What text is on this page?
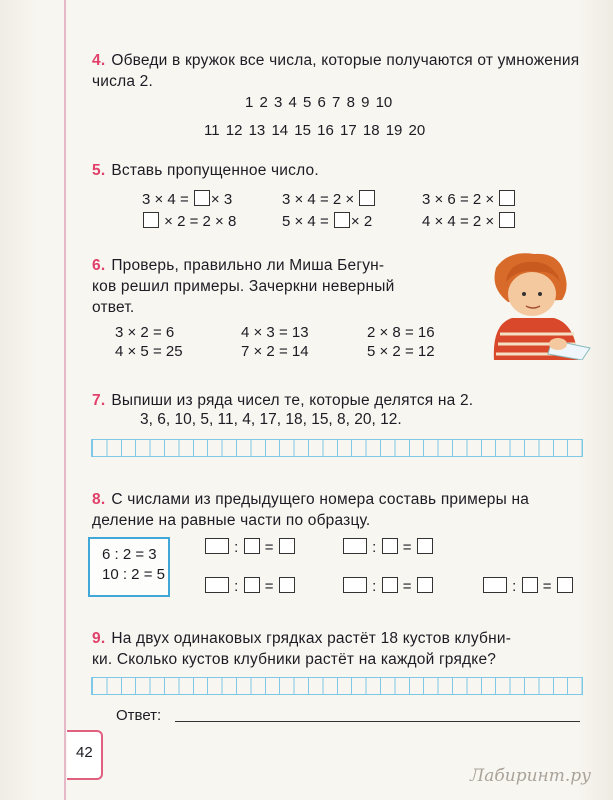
4. Обведи в кружок все числа, которые получаются от умножения числа 2.
1 2 3 4 5 6 7 8 9 10
11 12 13 14 15 16 17 18 19 20
5. Вставь пропущенное число.
3 × 4 = × 3	3 × 4 = 2 ×	3 × 6 = 2 ×
× 2 = 2 × 8	5 × 4 = × 2	4 × 4 = 2 ×
6. Проверь, правильно ли Миша Бегун-
ков решил примеры. Зачеркни неверный
ответ.
3 × 2 = 6	4 × 3 = 13	2 × 8 = 16
4 × 5 = 25	7 × 2 = 14	5 × 2 = 12
7. Выпиши из ряда чисел те, которые делятся на 2.
3, 6, 10, 5, 11, 4, 17, 18, 15, 8, 20, 12.
8. С числами из предыдущего номера составь примеры на
деление на равные части по образцу.
6 : 2 = 3
10 : 2 = 5
: =	: =
: =	: =	: =
9. На двух одинаковых грядках растёт 18 кустов клубни-
ки. Сколько кустов клубники растёт на каждой грядке?
Ответ:
42
Лабиринт.ру
